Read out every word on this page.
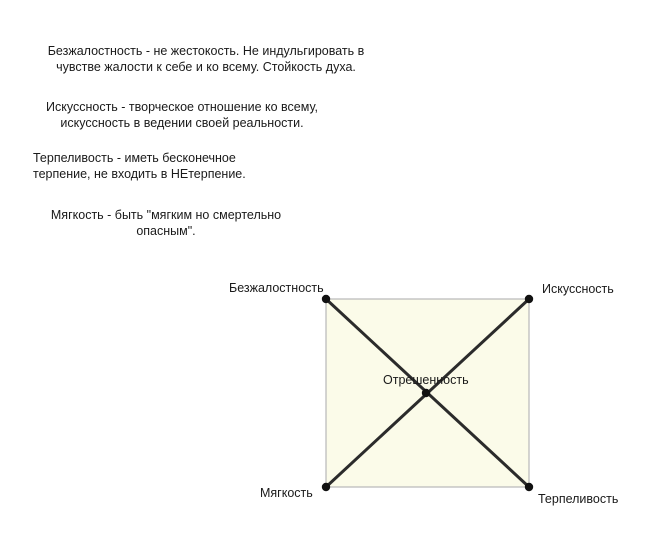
Безжалостность - не жестокость. Не индульгировать в
чувстве жалости к себе и ко всему. Стойкость духа.
Искуссность - творческое отношение ко всему,
искуссность в ведении своей реальности.
Терпеливость - иметь бесконечное
терпение, не входить в НЕтерпение.
Мягкость - быть "мягким но смертельно
опасным".
Безжалостность	Искуссность
Мягкость	Терпеливость
Отрешенность
